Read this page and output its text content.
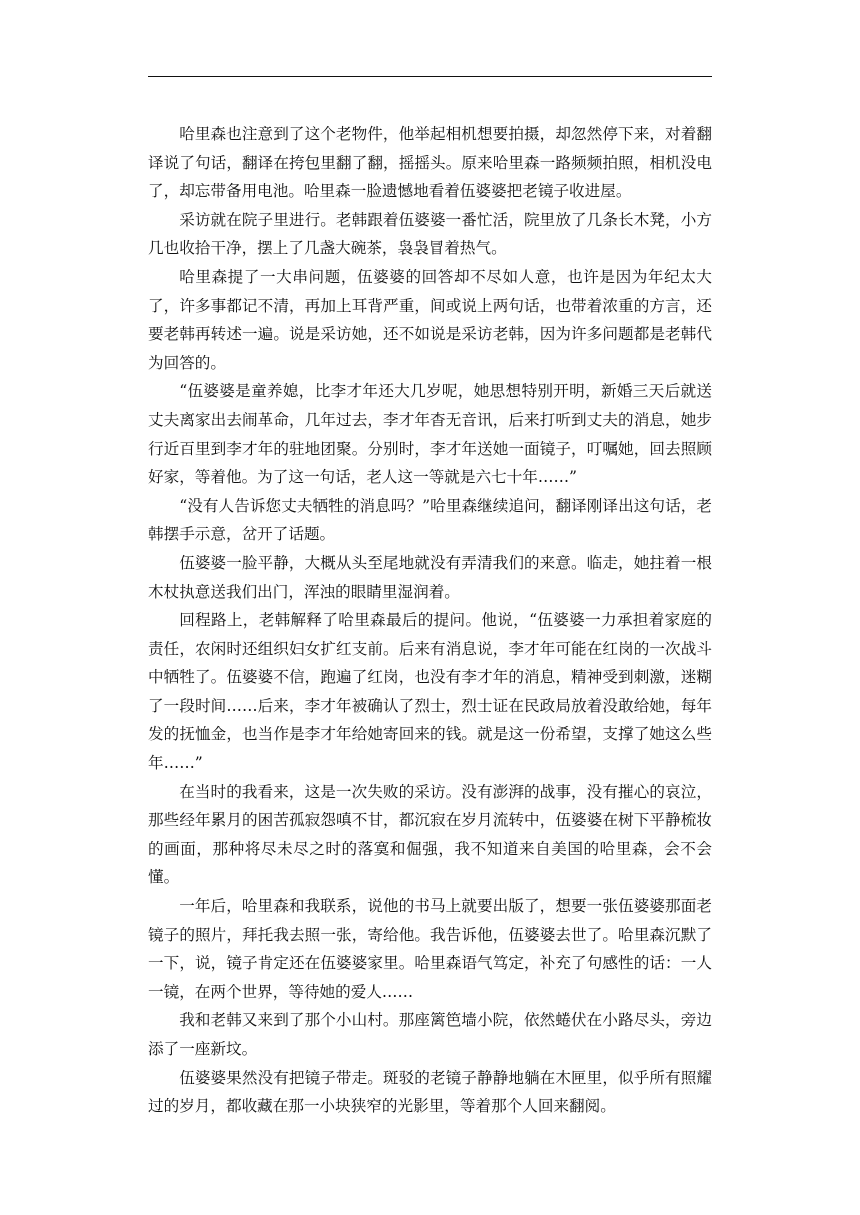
哈里森也注意到了这个老物件，他举起相机想要拍摄，却忽然停下来，对着翻译说了句话，翻译在挎包里翻了翻，摇摇头。原来哈里森一路频频拍照，相机没电了，却忘带备用电池。哈里森一脸遗憾地看着伍婆婆把老镜子收进屋。

采访就在院子里进行。老韩跟着伍婆婆一番忙活，院里放了几条长木凳，小方几也收拾干净，摆上了几盏大碗茶，袅袅冒着热气。

哈里森提了一大串问题，伍婆婆的回答却不尽如人意，也许是因为年纪太大了，许多事都记不清，再加上耳背严重，间或说上两句话，也带着浓重的方言，还要老韩再转述一遍。说是采访她，还不如说是采访老韩，因为许多问题都是老韩代为回答的。

“伍婆婆是童养媳，比李才年还大几岁呢，她思想特别开明，新婚三天后就送丈夫离家出去闹革命，几年过去，李才年杳无音讯，后来打听到丈夫的消息，她步行近百里到李才年的驻地团聚。分别时，李才年送她一面镜子，叮嘱她，回去照顾好家，等着他。为了这一句话，老人这一等就是六七十年……”

“没有人告诉您丈夫牺牲的消息吗？”哈里森继续追问，翻译刚译出这句话，老韩摆手示意，岔开了话题。

伍婆婆一脸平静，大概从头至尾地就没有弄清我们的来意。临走，她拄着一根木杖执意送我们出门，浑浊的眼睛里湿润着。

回程路上，老韩解释了哈里森最后的提问。他说，“伍婆婆一力承担着家庭的责任，农闲时还组织妇女扩红支前。后来有消息说，李才年可能在红岗的一次战斗中牺牲了。伍婆婆不信，跑遍了红岗，也没有李才年的消息，精神受到刺激，迷糊了一段时间……后来，李才年被确认了烈士，烈士证在民政局放着没敢给她，每年发的抚恤金，也当作是李才年给她寄回来的钱。就是这一份希望，支撑了她这么些年……”

在当时的我看来，这是一次失败的采访。没有澎湃的战事，没有摧心的哀泣，那些经年累月的困苦孤寂怨嗔不甘，都沉寂在岁月流转中，伍婆婆在树下平静梳妆的画面，那种将尽未尽之时的落寞和倔强，我不知道来自美国的哈里森，会不会懂。

一年后，哈里森和我联系，说他的书马上就要出版了，想要一张伍婆婆那面老镜子的照片，拜托我去照一张，寄给他。我告诉他，伍婆婆去世了。哈里森沉默了一下，说，镜子肯定还在伍婆婆家里。哈里森语气笃定，补充了句感性的话：一人一镜，在两个世界，等待她的爱人……

我和老韩又来到了那个小山村。那座篱笆墙小院，依然蜷伏在小路尽头，旁边添了一座新坟。

伍婆婆果然没有把镜子带走。斑驳的老镜子静静地躺在木匣里，似乎所有照耀过的岁月，都收藏在那一小块狭窄的光影里，等着那个人回来翻阅。
